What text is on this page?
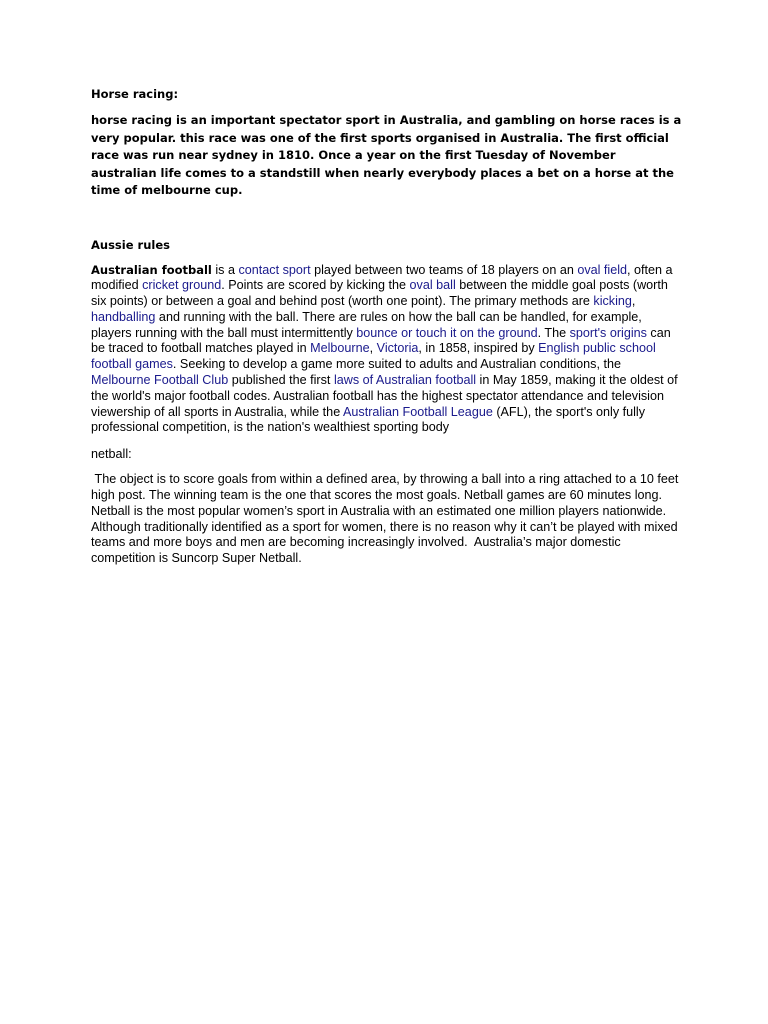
Horse racing:

horse racing is an important spectator sport in Australia, and gambling on horse races is a very popular. this race was one of the first sports organised in Australia. The first official race was run near sydney in 1810. Once a year on the first Tuesday of November australian life comes to a standstill when nearly everybody places a bet on a horse at the time of melbourne cup.

Aussie rules

Australian football is a contact sport played between two teams of 18 players on an oval field, often a modified cricket ground. Points are scored by kicking the oval ball between the middle goal posts (worth six points) or between a goal and behind post (worth one point). The primary methods are kicking, handballing and running with the ball. There are rules on how the ball can be handled, for example, players running with the ball must intermittently bounce or touch it on the ground. The sport's origins can be traced to football matches played in Melbourne, Victoria, in 1858, inspired by English public school football games. Seeking to develop a game more suited to adults and Australian conditions, the Melbourne Football Club published the first laws of Australian football in May 1859, making it the oldest of the world's major football codes. Australian football has the highest spectator attendance and television viewership of all sports in Australia, while the Australian Football League (AFL), the sport's only fully professional competition, is the nation's wealthiest sporting body

netball:

The object is to score goals from within a defined area, by throwing a ball into a ring attached to a 10 feet high post. The winning team is the one that scores the most goals. Netball games are 60 minutes long. Netball is the most popular women’s sport in Australia with an estimated one million players nationwide.  Although traditionally identified as a sport for women, there is no reason why it can’t be played with mixed teams and more boys and men are becoming increasingly involved.  Australia’s major domestic competition is Suncorp Super Netball.
